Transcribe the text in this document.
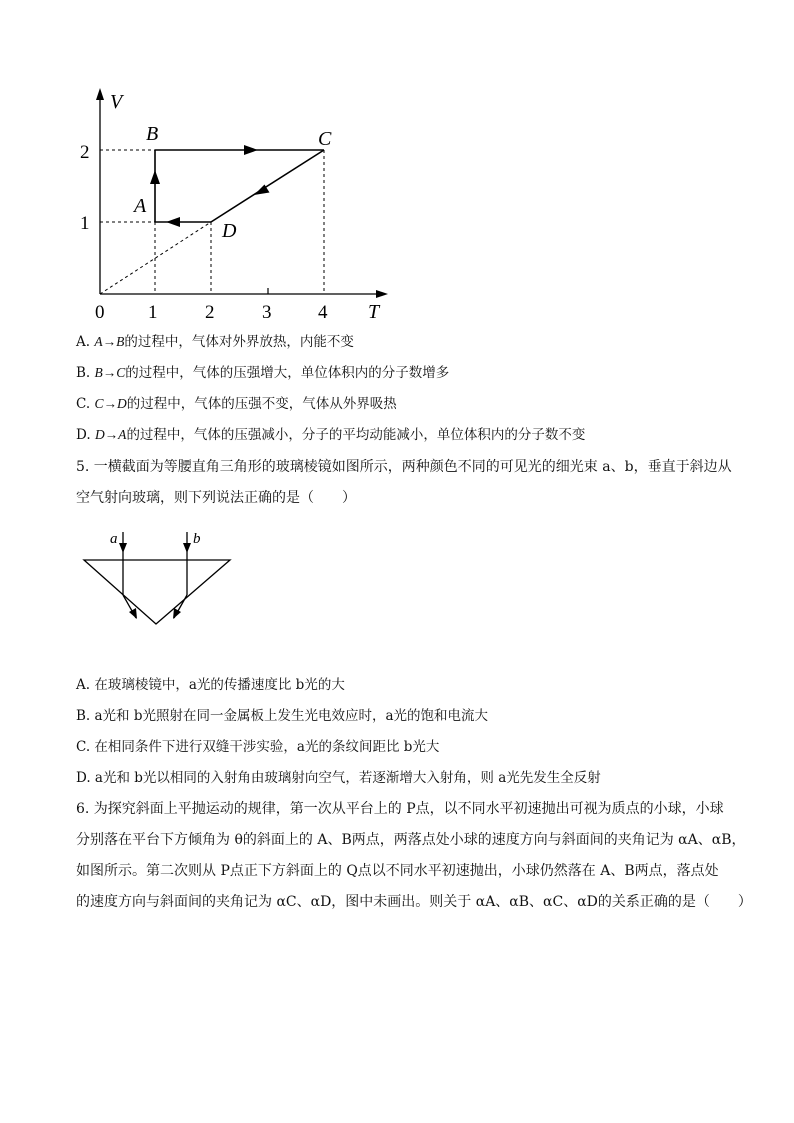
V
T
2
1
0 1	2	3 4
B	C
A
D
A. A→B的过程中，气体对外界放热，内能不变
B. B→C的过程中，气体的压强增大，单位体积内的分子数增多
C. C→D的过程中，气体的压强不变，气体从外界吸热
D. D→A的过程中，气体的压强减小，分子的平均动能减小，单位体积内的分子数不变
5. 一横截面为等腰直角三角形的玻璃棱镜如图所示，两种颜色不同的可见光的细光束 a、b，垂直于斜边从
空气射向玻璃，则下列说法正确的是（　　）
a	b
A. 在玻璃棱镜中，a光的传播速度比 b光的大
B. a光和 b光照射在同一金属板上发生光电效应时，a光的饱和电流大
C. 在相同条件下进行双缝干涉实验，a光的条纹间距比 b光大
D. a光和 b光以相同的入射角由玻璃射向空气，若逐渐增大入射角，则 a光先发生全反射
6. 为探究斜面上平抛运动的规律，第一次从平台上的 P点，以不同水平初速抛出可视为质点的小球，小球
分别落在平台下方倾角为 θ的斜面上的 A、B两点，两落点处小球的速度方向与斜面间的夹角记为 αA、αB，
如图所示。第二次则从 P点正下方斜面上的 Q点以不同水平初速抛出，小球仍然落在 A、B两点，落点处
的速度方向与斜面间的夹角记为 αC、αD，图中未画出。则关于 αA、αB、αC、αD的关系正确的是（　　）
